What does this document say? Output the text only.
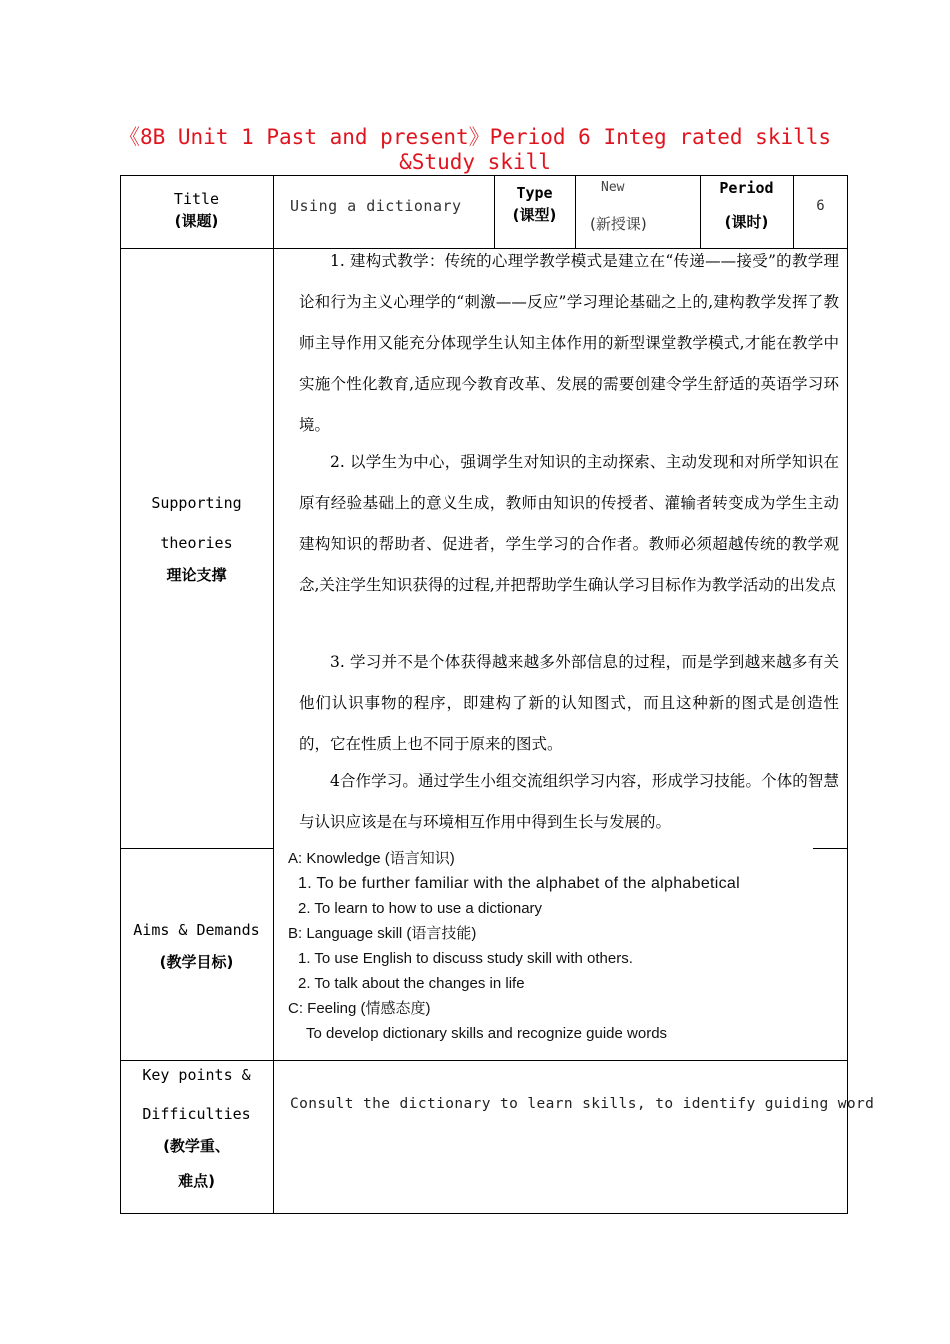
《8B Unit 1 Past and present》Period 6 Integ rated skills
&Study skill
Title
(课题)
Using a dictionary
Type
(课型)
New
(新授课)
Period
(课时)
6
Supporting
theories
理论支撑
1. 建构式教学：传统的心理学教学模式是建立在“传递——接受”的教学理论和行为主义心理学的“刺激——反应”学习理论基础之上的,建构教学发挥了教师主导作用又能充分体现学生认知主体作用的新型课堂教学模式,才能在教学中实施个性化教育,适应现今教育改革、发展的需要创建令学生舒适的英语学习环境。
2. 以学生为中心，强调学生对知识的主动探索、主动发现和对所学知识在原有经验基础上的意义生成，教师由知识的传授者、灌输者转变成为学生主动建构知识的帮助者、促进者，学生学习的合作者。教师必须超越传统的教学观念,关注学生知识获得的过程,并把帮助学生确认学习目标作为教学活动的出发点
3. 学习并不是个体获得越来越多外部信息的过程，而是学到越来越多有关他们认识事物的程序，即建构了新的认知图式，而且这种新的图式是创造性的，它在性质上也不同于原来的图式。
4合作学习。通过学生小组交流组织学习内容，形成学习技能。个体的智慧与认识应该是在与环境相互作用中得到生长与发展的。
Aims & Demands
(教学目标)
A: Knowledge (语言知识)
1. To be further familiar with the alphabet of the alphabetical
2. To learn to how to use a dictionary
B: Language skill (语言技能)
1. To use English to discuss study skill with others.
2. To talk about the changes in life
C: Feeling (情感态度)
To develop dictionary skills and recognize guide words
Key points &
Difficulties
(教学重、
难点)
Consult the dictionary to learn skills, to identify guiding word
